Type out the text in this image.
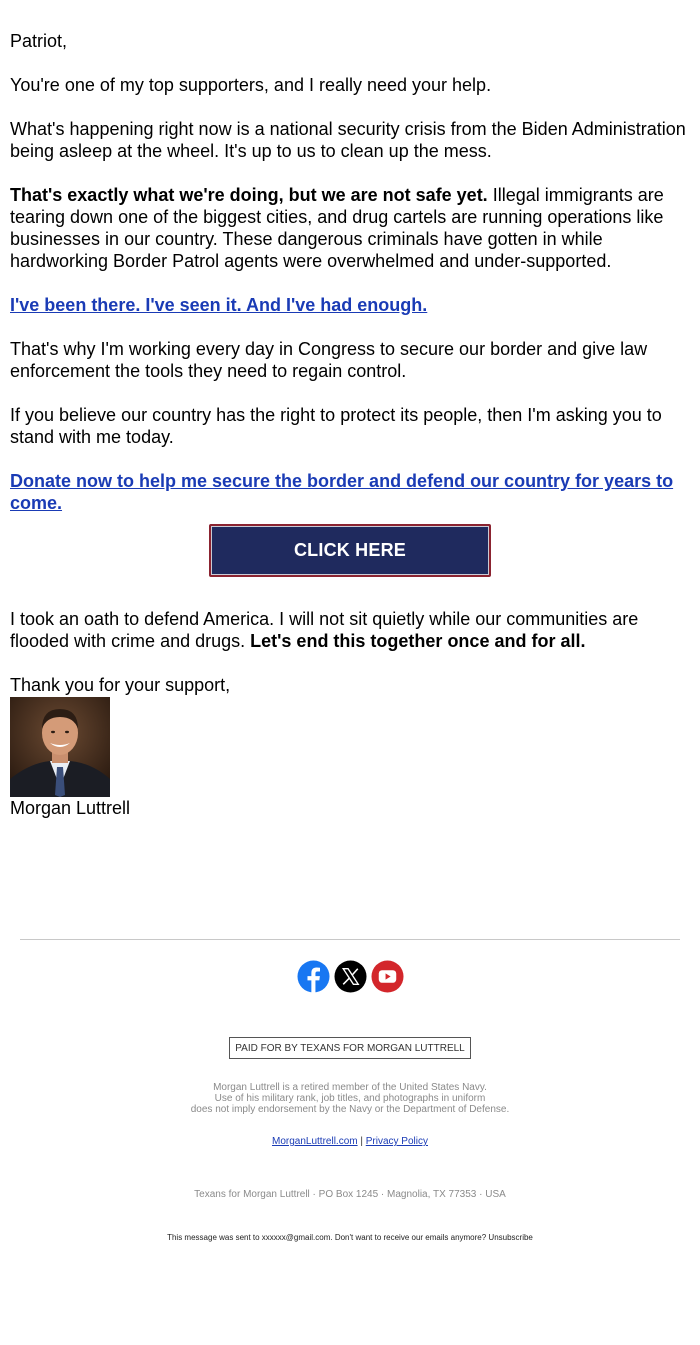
Patriot,

You're one of my top supporters, and I really need your help.

What's happening right now is a national security crisis from the Biden Administration being asleep at the wheel. It's up to us to clean up the mess.

That's exactly what we're doing, but we are not safe yet. Illegal immigrants are tearing down one of the biggest cities, and drug cartels are running operations like businesses in our country. These dangerous criminals have gotten in while hardworking Border Patrol agents were overwhelmed and under-supported.

I've been there. I've seen it. And I've had enough.

That's why I'm working every day in Congress to secure our border and give law enforcement the tools they need to regain control.

If you believe our country has the right to protect its people, then I'm asking you to stand with me today.

Donate now to help me secure the border and defend our country for years to come.

CLICK HERE

I took an oath to defend America. I will not sit quietly while our communities are flooded with crime and drugs. Let's end this together once and for all.

Thank you for your support,

Morgan Luttrell
PAID FOR BY TEXANS FOR MORGAN LUTTRELL
Morgan Luttrell is a retired member of the United States Navy.
Use of his military rank, job titles, and photographs in uniform
does not imply endorsement by the Navy or the Department of Defense.
MorganLuttrell.com | Privacy Policy
Texans for Morgan Luttrell · PO Box 1245 · Magnolia, TX 77353 · USA
This message was sent to xxxxxx@gmail.com. Don't want to receive our emails anymore? Unsubscribe
